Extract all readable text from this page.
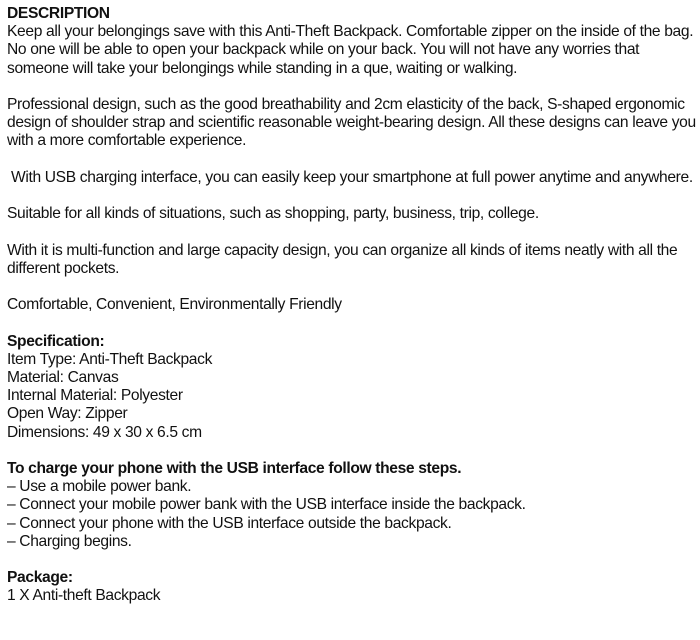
DESCRIPTION

Keep all your belongings save with this Anti-Theft Backpack. Comfortable zipper on the inside of the bag. No one will be able to open your backpack while on your back. You will not have any worries that someone will take your belongings while standing in a que, waiting or walking.

Professional design, such as the good breathability and 2cm elasticity of the back, S-shaped ergonomic design of shoulder strap and scientific reasonable weight-bearing design. All these designs can leave you with a more comfortable experience.

With USB charging interface, you can easily keep your smartphone at full power anytime and anywhere.

Suitable for all kinds of situations, such as shopping, party, business, trip, college.

With it is multi-function and large capacity design, you can organize all kinds of items neatly with all the different pockets.

Comfortable, Convenient, Environmentally Friendly

Specification:

Item Type: Anti-Theft Backpack
Material: Canvas
Internal Material: Polyester
Open Way: Zipper
Dimensions: 49 x 30 x 6.5 cm

To charge your phone with the USB interface follow these steps.

– Use a mobile power bank.
– Connect your mobile power bank with the USB interface inside the backpack.
– Connect your phone with the USB interface outside the backpack.
– Charging begins.

Package:

1 X Anti-theft Backpack
